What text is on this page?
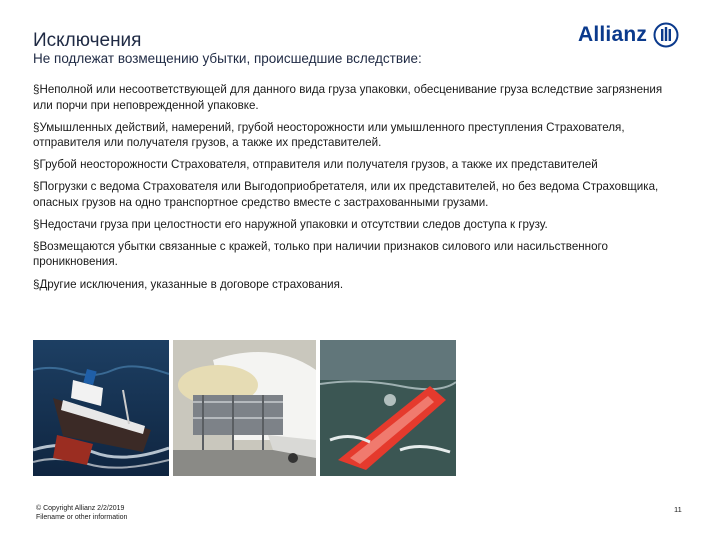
Исключения
Не подлежат возмещению убытки, происшедшие вследствие:
Allianz

§Неполной или несоответствующей для данного вида груза упаковки, обесценивание груза вследствие загрязнения или порчи при неповрежденной упаковке.

§Умышленных действий, намерений, грубой неосторожности или умышленного преступления Страхователя, отправителя или получателя грузов, а также их представителей.

§Грубой неосторожности Страхователя, отправителя или получателя грузов, а также их представителей

§Погрузки с ведома Страхователя или Выгодоприобретателя, или их представителей, но без ведома Страховщика, опасных грузов на одно транспортное средство вместе с застрахованными грузами.

§Недостачи груза при целостности его наружной упаковки и отсутствии следов доступа к грузу.

§Возмещаются убытки связанные с кражей, только при наличии признаков силового или насильственного проникновения.

§Другие исключения, указанные в договоре страхования.

© Copyright Allianz 2/2/2019
Filename or other information
11
